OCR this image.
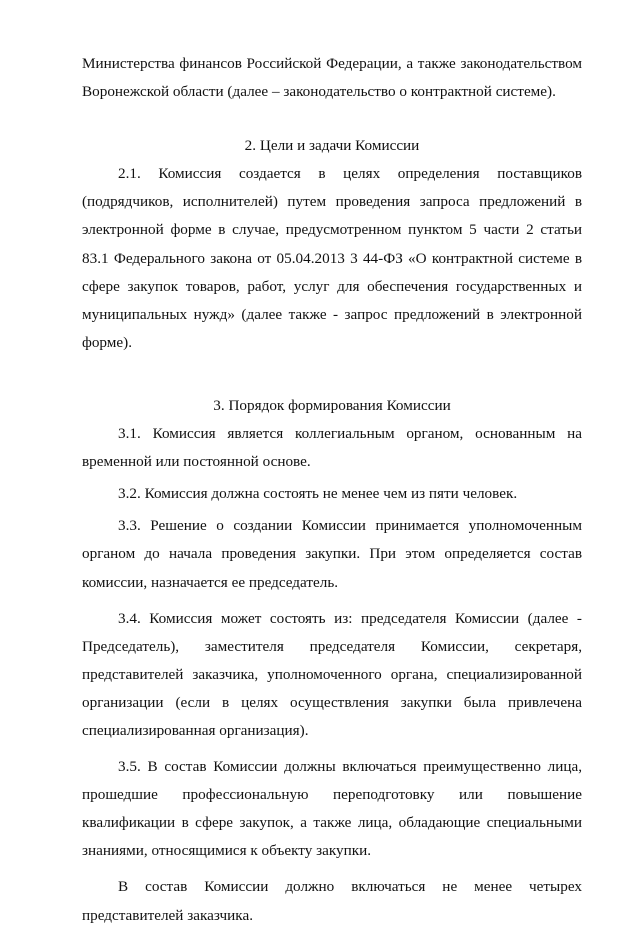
Министерства финансов Российской Федерации, а также законодательством Воронежской области (далее – законодательство о контрактной системе).

2. Цели и задачи Комиссии

2.1. Комиссия создается в целях определения поставщиков (подрядчиков, исполнителей) путем проведения запроса предложений в электронной форме в случае, предусмотренном пунктом 5 части 2 статьи 83.1 Федерального закона от 05.04.2013 3 44-ФЗ «О контрактной системе в сфере закупок товаров, работ, услуг для обеспечения государственных и муниципальных нужд» (далее также - запрос предложений в электронной форме).

3. Порядок формирования Комиссии

3.1. Комиссия является коллегиальным органом, основанным на временной или постоянной основе.

3.2. Комиссия должна состоять не менее чем из пяти человек.

3.3. Решение о создании Комиссии принимается уполномоченным органом до начала проведения закупки. При этом определяется состав комиссии, назначается ее председатель.

3.4. Комиссия может состоять из: председателя Комиссии (далее - Председатель), заместителя председателя Комиссии, секретаря, представителей заказчика, уполномоченного органа, специализированной организации (если в целях осуществления закупки была привлечена специализированная организация).

3.5. В состав Комиссии должны включаться преимущественно лица, прошедшие профессиональную переподготовку или повышение квалификации в сфере закупок, а также лица, обладающие специальными знаниями, относящимися к объекту закупки.

В состав Комиссии должно включаться не менее четырех представителей заказчика.
